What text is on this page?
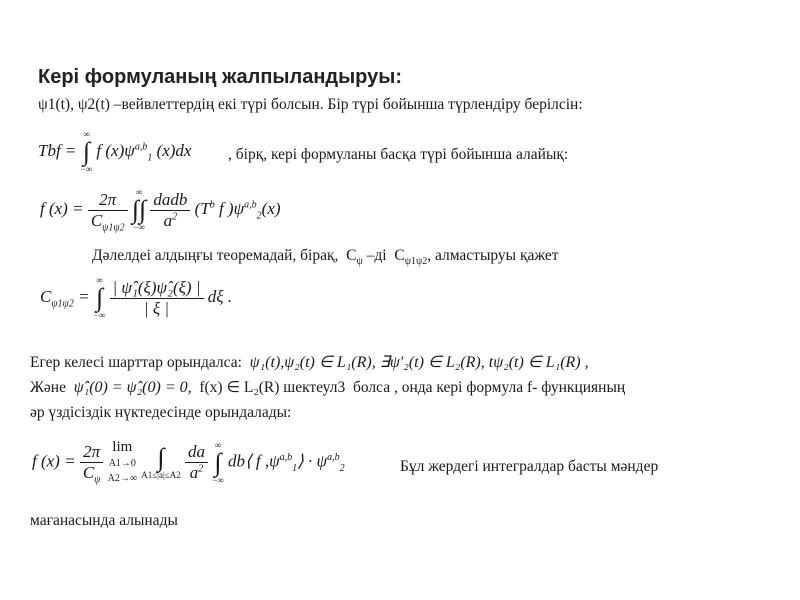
Кері формуланың жалпыландыруы:
ψ1(t), ψ2(t) –вейвлеттердің екі түрі болсын. Бір түрі бойынша түрлендіру берілсін:
Tbf = ∞
∫
−∞ f $(x)\psi^{a,b}_1$ (x)dx , бірқ, кері формуланы басқа түрі бойынша алайық:
f $(x) = \frac{2\pi}{C_{\psi 1\psi 2}}$ ∞
∫∫
−∞ $\frac{\text{dadb}}{a^2} (T^b$ f )$\psi^{a,b}_2(x)$
Дәлелдеі алдыңғы теоремадай, бірақ, $C_\psi$ –ді $C_{\psi 1\psi 2}$, алмастыруы қажет
$C_{\psi 1\psi 2}$ = ∞
∫
−∞ $\frac{\text{| ψ̂₁(ξ)ψ̂₂(ξ) |}}{| \xi |}$ dξ .
Егер келесі шарттар орындалса: ψ₁(t),ψ₂(t) ∈ L₁(R), ∃ψ′₂(t) ∈ L₂(R), tψ₂(t) ∈ L₁(R) ,
Және ψ̂₁(0) = ψ̂₂(0) = 0, f(x) ∈ L₂(R) шектеул3 болса , онда кері формула f- функцияның
әр үздісіздік нүктедесінде орындалады:
f $(x) = \frac{2\pi}{C_\psi}$ lim
A1→0
A2→∞ ∫
$A1\le|a|\le A2 \frac{da}{a^2}$ ∞
∫
−∞ db⟨ f $,\psi^{a,b}_1⟩ \cdot \psi^{a,b}_2$	Бұл жердегі интегралдар басты мәндер
мағанасында алынады
